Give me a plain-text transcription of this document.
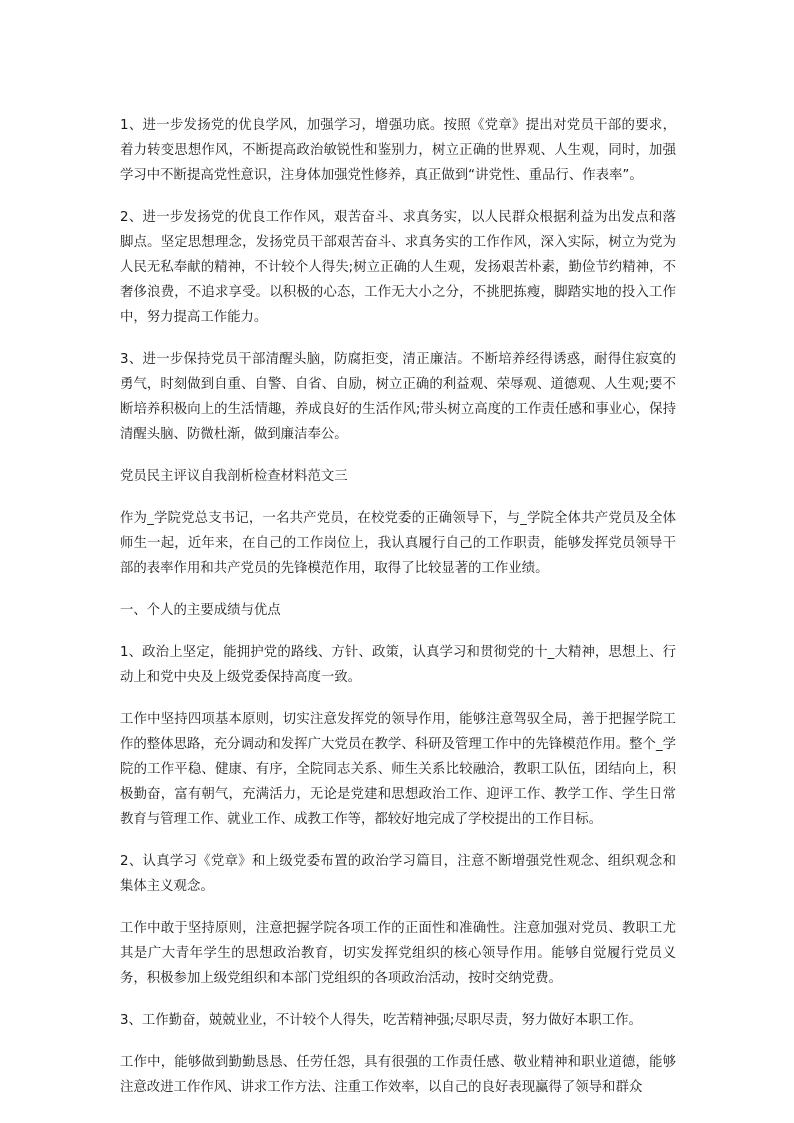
1、进一步发扬党的优良学风，加强学习，增强功底。按照《党章》提出对党员干部的要求，着力转变思想作风，不断提高政治敏锐性和鉴别力，树立正确的世界观、人生观，同时，加强学习中不断提高党性意识，注身体加强党性修养，真正做到“讲党性、重品行、作表率”。

2、进一步发扬党的优良工作作风，艰苦奋斗、求真务实，以人民群众根据利益为出发点和落脚点。坚定思想理念，发扬党员干部艰苦奋斗、求真务实的工作作风，深入实际，树立为党为人民无私奉献的精神，不计较个人得失;树立正确的人生观，发扬艰苦朴素，勤俭节约精神，不奢侈浪费，不追求享受。以积极的心态，工作无大小之分，不挑肥拣瘦，脚踏实地的投入工作中，努力提高工作能力。

3、进一步保持党员干部清醒头脑，防腐拒变，清正廉洁。不断培养经得诱惑，耐得住寂寞的勇气，时刻做到自重、自警、自省、自励，树立正确的利益观、荣辱观、道德观、人生观;要不断培养积极向上的生活情趣，养成良好的生活作风;带头树立高度的工作责任感和事业心，保持清醒头脑、防微杜渐，做到廉洁奉公。

党员民主评议自我剖析检查材料范文三

作为_学院党总支书记，一名共产党员，在校党委的正确领导下，与_学院全体共产党员及全体师生一起，近年来，在自己的工作岗位上，我认真履行自己的工作职责，能够发挥党员领导干部的表率作用和共产党员的先锋模范作用，取得了比较显著的工作业绩。

一、个人的主要成绩与优点

1、政治上坚定，能拥护党的路线、方针、政策，认真学习和贯彻党的十_大精神，思想上、行动上和党中央及上级党委保持高度一致。

工作中坚持四项基本原则，切实注意发挥党的领导作用，能够注意驾驭全局，善于把握学院工作的整体思路，充分调动和发挥广大党员在教学、科研及管理工作中的先锋模范作用。整个_学院的工作平稳、健康、有序，全院同志关系、师生关系比较融洽，教职工队伍，团结向上，积极勤奋，富有朝气，充满活力，无论是党建和思想政治工作、迎评工作、教学工作、学生日常教育与管理工作、就业工作、成教工作等，都较好地完成了学校提出的工作目标。

2、认真学习《党章》和上级党委布置的政治学习篇目，注意不断增强党性观念、组织观念和集体主义观念。

工作中敢于坚持原则，注意把握学院各项工作的正面性和准确性。注意加强对党员、教职工尤其是广大青年学生的思想政治教育，切实发挥党组织的核心领导作用。能够自觉履行党员义务，积极参加上级党组织和本部门党组织的各项政治活动，按时交纳党费。

3、工作勤奋，兢兢业业，不计较个人得失，吃苦精神强;尽职尽责，努力做好本职工作。

工作中，能够做到勤勤恳恳、任劳任怨，具有很强的工作责任感、敬业精神和职业道德，能够注意改进工作作风、讲求工作方法、注重工作效率，以自己的良好表现赢得了领导和群众
